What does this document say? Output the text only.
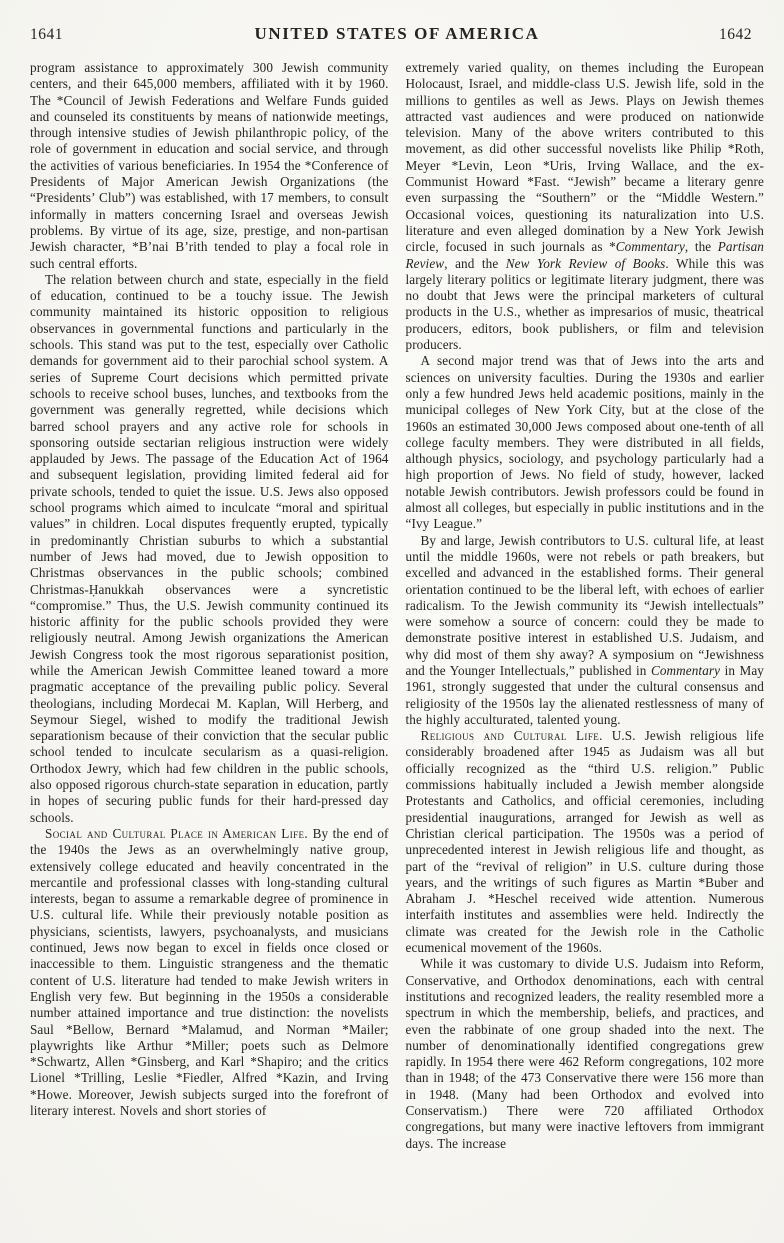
1641	UNITED STATES OF AMERICA	1642

program assistance to approximately 300 Jewish community centers, and their 645,000 members, affiliated with it by 1960. The *Council of Jewish Federations and Welfare Funds guided and counseled its constituents by means of nationwide meetings, through intensive studies of Jewish philanthropic policy, of the role of government in education and social service, and through the activities of various beneficiaries. In 1954 the *Conference of Presidents of Major American Jewish Organizations (the “Presidents’ Club”) was established, with 17 members, to consult informally in matters concerning Israel and overseas Jewish problems. By virtue of its age, size, prestige, and non-partisan Jewish character, *B’nai B’rith tended to play a focal role in such central efforts.

The relation between church and state, especially in the field of education, continued to be a touchy issue. The Jewish community maintained its historic opposition to religious observances in governmental functions and particularly in the schools. This stand was put to the test, especially over Catholic demands for government aid to their parochial school system. A series of Supreme Court decisions which permitted private schools to receive school buses, lunches, and textbooks from the government was generally regretted, while decisions which barred school prayers and any active role for schools in sponsoring outside sectarian religious instruction were widely applauded by Jews. The passage of the Education Act of 1964 and subsequent legislation, providing limited federal aid for private schools, tended to quiet the issue. U.S. Jews also opposed school programs which aimed to inculcate “moral and spiritual values” in children. Local disputes frequently erupted, typically in predominantly Christian suburbs to which a substantial number of Jews had moved, due to Jewish opposition to Christmas observances in the public schools; combined Christmas-Ḥanukkah observances were a syncretistic “compromise.” Thus, the U.S. Jewish community continued its historic affinity for the public schools provided they were religiously neutral. Among Jewish organizations the American Jewish Congress took the most rigorous separationist position, while the American Jewish Committee leaned toward a more pragmatic acceptance of the prevailing public policy. Several theologians, including Mordecai M. Kaplan, Will Herberg, and Seymour Siegel, wished to modify the traditional Jewish separationism because of their conviction that the secular public school tended to inculcate secularism as a quasi-religion. Orthodox Jewry, which had few children in the public schools, also opposed rigorous church-state separation in education, partly in hopes of securing public funds for their hard-pressed day schools.

Social and Cultural Place in American Life. By the end of the 1940s the Jews as an overwhelmingly native group, extensively college educated and heavily concentrated in the mercantile and professional classes with long-standing cultural interests, began to assume a remarkable degree of prominence in U.S. cultural life. While their previously notable position as physicians, scientists, lawyers, psychoanalysts, and musicians continued, Jews now began to excel in fields once closed or inaccessible to them. Linguistic strangeness and the thematic content of U.S. literature had tended to make Jewish writers in English very few. But beginning in the 1950s a considerable number attained importance and true distinction: the novelists Saul *Bellow, Bernard *Malamud, and Norman *Mailer; playwrights like Arthur *Miller; poets such as Delmore *Schwartz, Allen *Ginsberg, and Karl *Shapiro; and the critics Lionel *Trilling, Leslie *Fiedler, Alfred *Kazin, and Irving *Howe. Moreover, Jewish subjects surged into the forefront of literary interest. Novels and short stories of

extremely varied quality, on themes including the European Holocaust, Israel, and middle-class U.S. Jewish life, sold in the millions to gentiles as well as Jews. Plays on Jewish themes attracted vast audiences and were produced on nationwide television. Many of the above writers contributed to this movement, as did other successful novelists like Philip *Roth, Meyer *Levin, Leon *Uris, Irving Wallace, and the ex-Communist Howard *Fast. “Jewish” became a literary genre even surpassing the “Southern” or the “Middle Western.” Occasional voices, questioning its naturalization into U.S. literature and even alleged domination by a New York Jewish circle, focused in such journals as *Commentary, the Partisan Review, and the New York Review of Books. While this was largely literary politics or legitimate literary judgment, there was no doubt that Jews were the principal marketers of cultural products in the U.S., whether as impresarios of music, theatrical producers, editors, book publishers, or film and television producers.

A second major trend was that of Jews into the arts and sciences on university faculties. During the 1930s and earlier only a few hundred Jews held academic positions, mainly in the municipal colleges of New York City, but at the close of the 1960s an estimated 30,000 Jews composed about one-tenth of all college faculty members. They were distributed in all fields, although physics, sociology, and psychology particularly had a high proportion of Jews. No field of study, however, lacked notable Jewish contributors. Jewish professors could be found in almost all colleges, but especially in public institutions and in the “Ivy League.”

By and large, Jewish contributors to U.S. cultural life, at least until the middle 1960s, were not rebels or path breakers, but excelled and advanced in the established forms. Their general orientation continued to be the liberal left, with echoes of earlier radicalism. To the Jewish community its “Jewish intellectuals” were somehow a source of concern: could they be made to demonstrate positive interest in established U.S. Judaism, and why did most of them shy away? A symposium on “Jewishness and the Younger Intellectuals,” published in Commentary in May 1961, strongly suggested that under the cultural consensus and religiosity of the 1950s lay the alienated restlessness of many of the highly acculturated, talented young.

Religious and Cultural Life. U.S. Jewish religious life considerably broadened after 1945 as Judaism was all but officially recognized as the “third U.S. religion.” Public commissions habitually included a Jewish member alongside Protestants and Catholics, and official ceremonies, including presidential inaugurations, arranged for Jewish as well as Christian clerical participation. The 1950s was a period of unprecedented interest in Jewish religious life and thought, as part of the “revival of religion” in U.S. culture during those years, and the writings of such figures as Martin *Buber and Abraham J. *Heschel received wide attention. Numerous interfaith institutes and assemblies were held. Indirectly the climate was created for the Jewish role in the Catholic ecumenical movement of the 1960s.

While it was customary to divide U.S. Judaism into Reform, Conservative, and Orthodox denominations, each with central institutions and recognized leaders, the reality resembled more a spectrum in which the membership, beliefs, and practices, and even the rabbinate of one group shaded into the next. The number of denominationally identified congregations grew rapidly. In 1954 there were 462 Reform congregations, 102 more than in 1948; of the 473 Conservative there were 156 more than in 1948. (Many had been Orthodox and evolved into Conservatism.) There were 720 affiliated Orthodox congregations, but many were inactive leftovers from immigrant days. The increase
